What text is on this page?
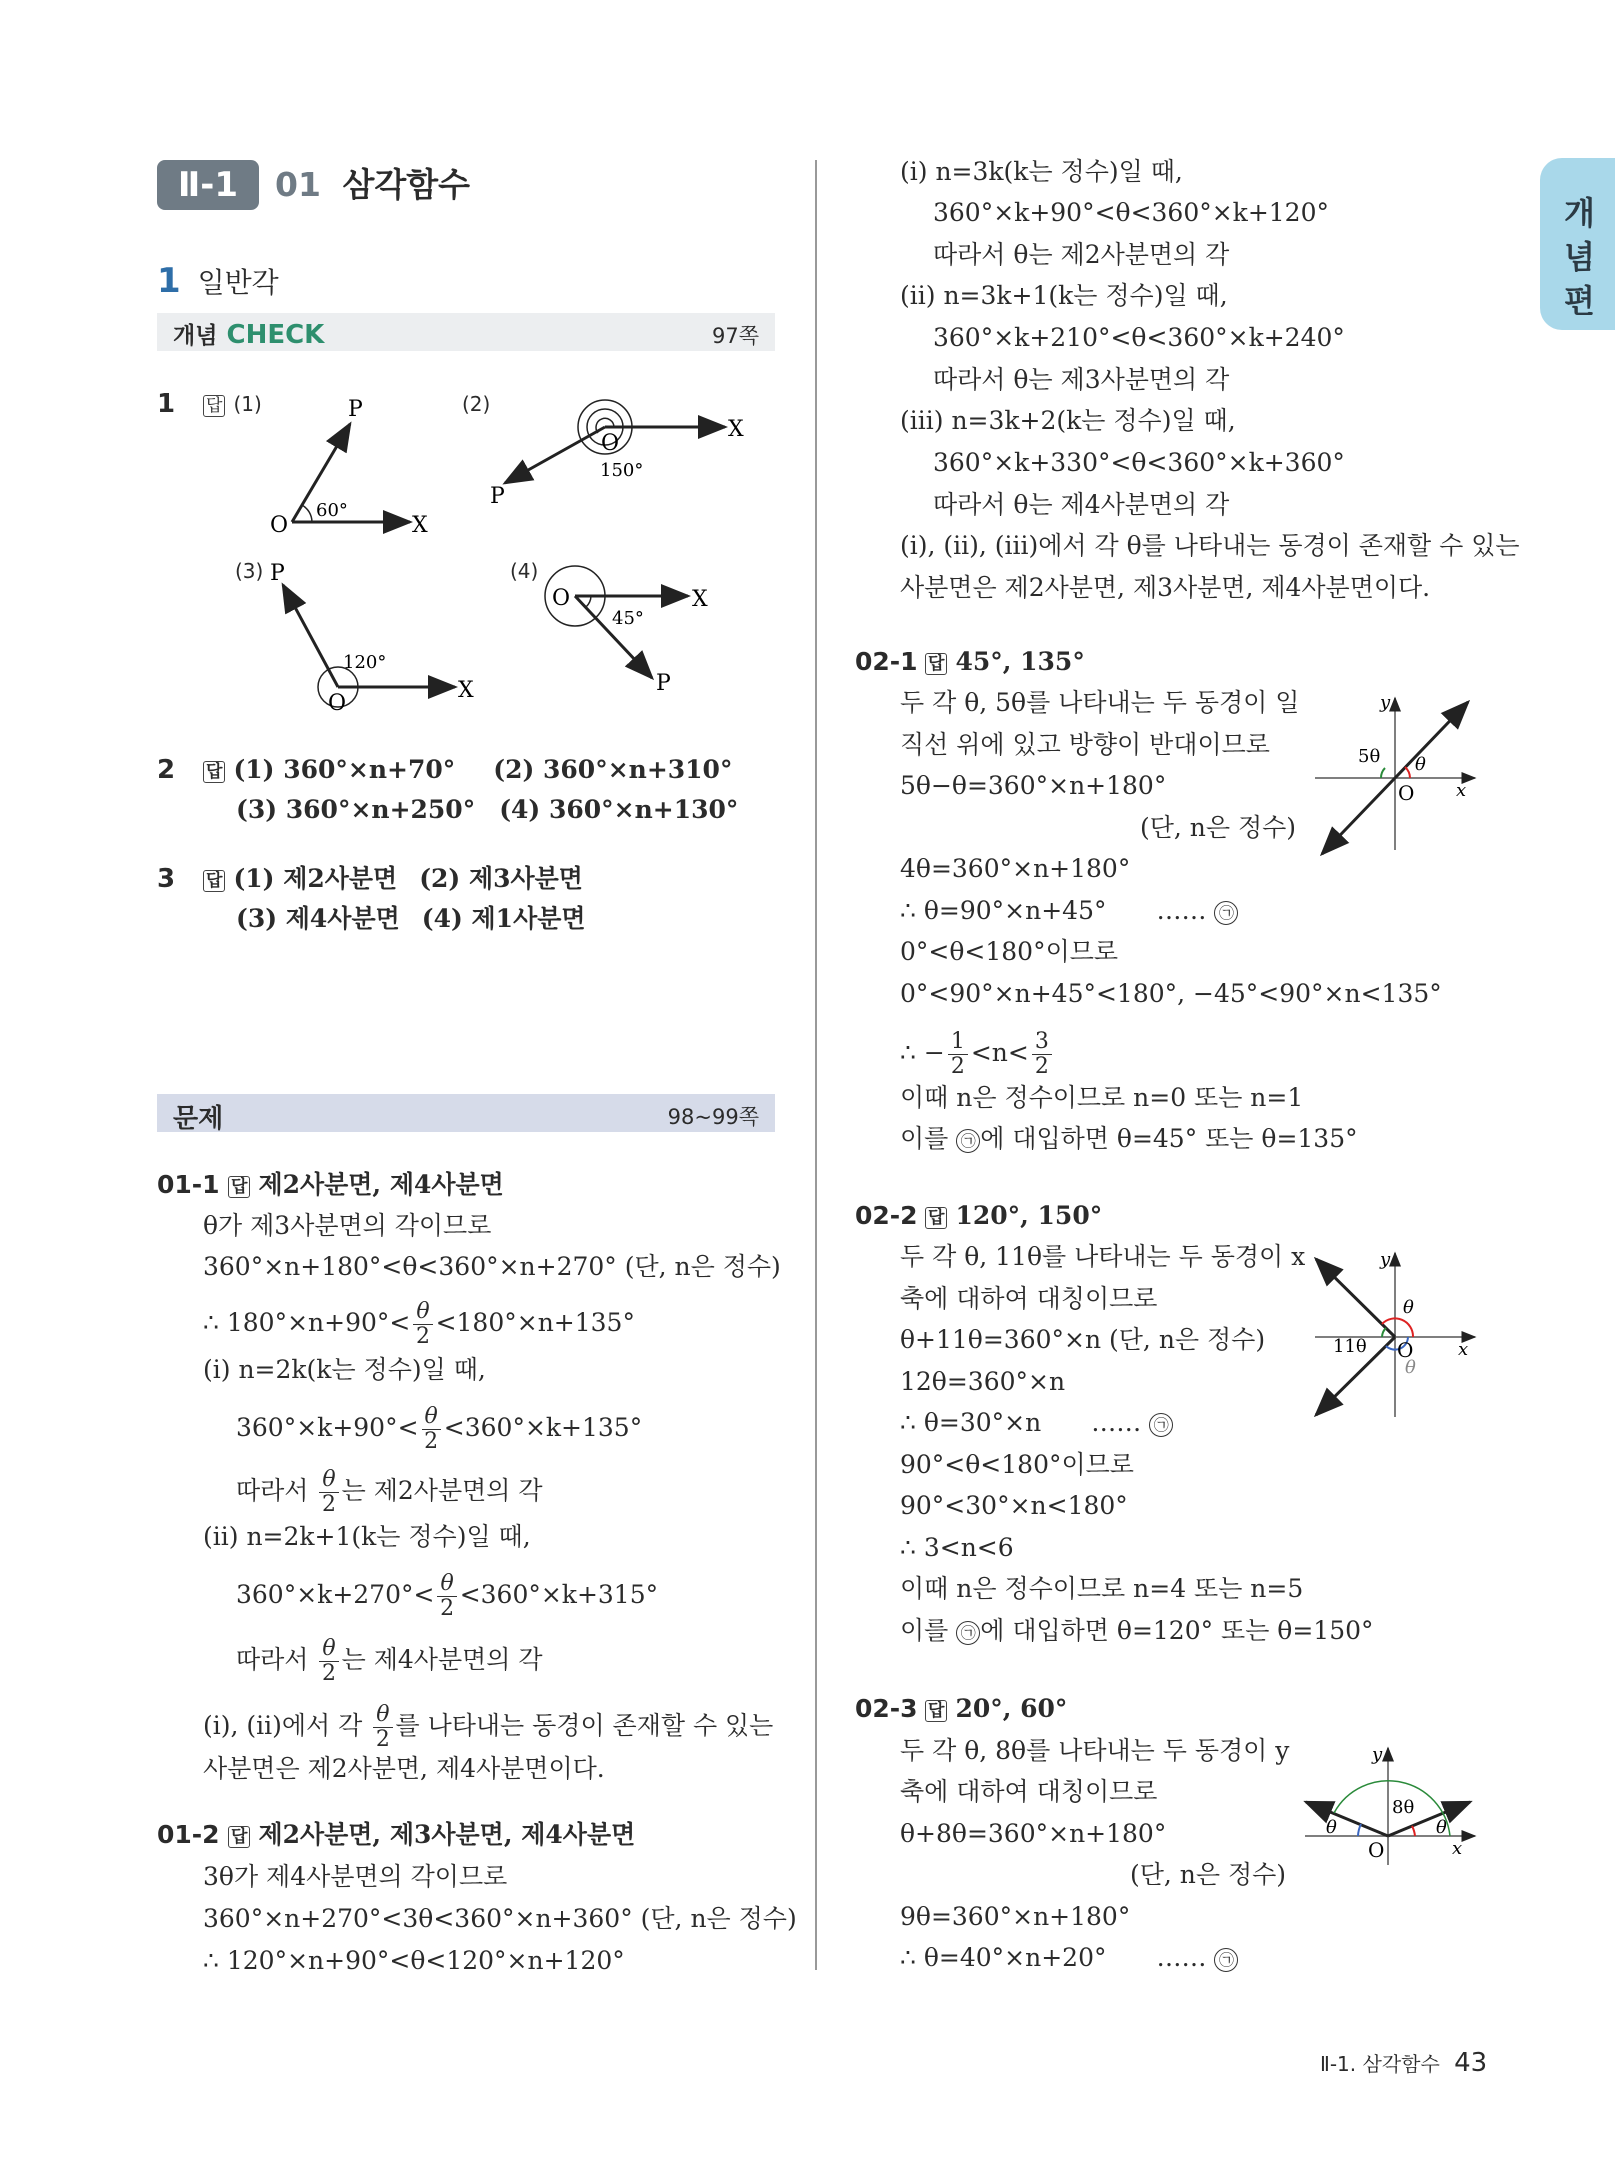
Ⅱ-1	01 삼각함수
개
념
편
1 일반각
개념 CHECK	97쪽
1 답 (1)	(2)
(3)	(4)
P
O	X
60°
X
P
O
150°
P
O
X
120°
O	X
P
45°
2 답 (1) 360°×n+70° (2) 360°×n+310°
(3) 360°×n+250° (4) 360°×n+130°
3 답 (1) 제2사분면 (2) 제3사분면
(3) 제4사분면 (4) 제1사분면
문제	98~99쪽
01-1 답 제2사분면, 제4사분면
θ가 제3사분면의 각이므로
360°×n+180°<θ<360°×n+270° (단, n은 정수)
∴ $180^\circ\times n+90^\circ< \frac{\theta}{2} <180^\circ\times n+135^\circ$
(ⅰ) n=2k(k는 정수)일 때,
$360^\circ\times k+90^\circ< \frac{\theta}{2} <360^\circ\times k+135^\circ$
따라서 $\frac{\theta}{2}$ 는 제2사분면의 각
(ⅱ) n=2k+1(k는 정수)일 때,
$360^\circ\times k+270^\circ< \frac{\theta}{2} <360^\circ\times k+315^\circ$
따라서 $\frac{\theta}{2}$ 는 제4사분면의 각
(ⅰ), (ⅱ)에서 각 $\frac{\theta}{2}$ 를 나타내는 동경이 존재할 수 있는
사분면은 제2사분면, 제4사분면이다.
01-2 답 제2사분면, 제3사분면, 제4사분면
3θ가 제4사분면의 각이므로
360°×n+270°<3θ<360°×n+360° (단, n은 정수)
∴ 120°×n+90°<θ<120°×n+120°
(ⅰ) n=3k(k는 정수)일 때,
360°×k+90°<θ<360°×k+120°
따라서 θ는 제2사분면의 각
(ⅱ) n=3k+1(k는 정수)일 때,
360°×k+210°<θ<360°×k+240°
따라서 θ는 제3사분면의 각
(ⅲ) n=3k+2(k는 정수)일 때,
360°×k+330°<θ<360°×k+360°
따라서 θ는 제4사분면의 각
(ⅰ), (ⅱ), (ⅲ)에서 각 θ를 나타내는 동경이 존재할 수 있는
사분면은 제2사분면, 제3사분면, 제4사분면이다.
02-1 답 45°, 135°
두 각 θ, 5θ를 나타내는 두 동경이 일
직선 위에 있고 방향이 반대이므로
5θ−θ=360°×n+180°
(단, n은 정수)
4θ=360°×n+180°
∴ θ=90°×n+45° …… ㉠
0°<θ<180°이므로
0°<90°×n+45°<180°, −45°<90°×n<135°
∴ − $\frac{1}{2} <n< \frac{3}{2}$
이때 n은 정수이므로 n=0 또는 n=1
이를 ㉠ 에 대입하면 θ=45° 또는 θ=135°
y
x
O
5θ θ
02-2 답 120°, 150°
두 각 θ, 11θ를 나타내는 두 동경이 x
축에 대하여 대칭이므로
θ+11θ=360°×n (단, n은 정수)
12θ=360°×n
∴ θ=30°×n …… ㉠
90°<θ<180°이므로
90°<30°×n<180°
∴ 3<n<6
이때 n은 정수이므로 n=4 또는 n=5
이를 ㉠ 에 대입하면 θ=120° 또는 θ=150°
y
x
O
11θ
θ
θ
02-3 답 20°, 60°
두 각 θ, 8θ를 나타내는 두 동경이 y
축에 대하여 대칭이므로
θ+8θ=360°×n+180°
(단, n은 정수)
9θ=360°×n+180°
∴ θ=40°×n+20° …… ㉠
y
x
O
8θ
θ
θ
Ⅱ-1. 삼각함수 43
